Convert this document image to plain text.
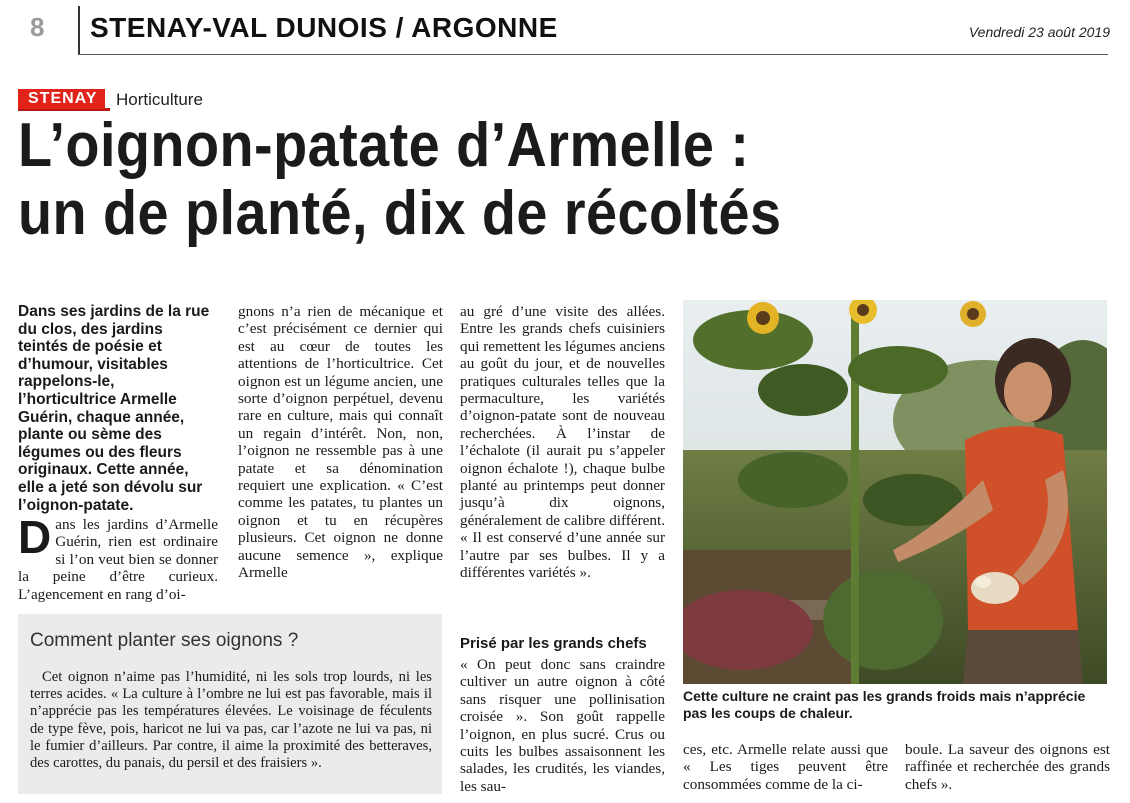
8 STENAY-VAL DUNOIS / ARGONNE	Vendredi 23 août 2019
STENAY	Horticulture
L’oignon-patate d’Armelle :
un de planté, dix de récoltés
Dans ses jardins de la rue du clos, des jardins teintés de poésie et d’humour, visitables rappelons-le, l’horticultrice Armelle Guérin, chaque année, plante ou sème des légumes ou des fleurs originaux. Cette année, elle a jeté son dévolu sur l’oignon-patate.
Dans les jardins d’Armelle Guérin, rien est ordinaire si l’on veut bien se donner la peine d’être curieux. L’agencement en rang d’oi-
gnons n’a rien de mécanique et c’est précisément ce dernier qui est au cœur de toutes les attentions de l’horticultrice. Cet oignon est un légume ancien, une sorte d’oignon perpétuel, devenu rare en culture, mais qui connaît un regain d’intérêt. Non, non, l’oignon ne ressemble pas à une patate et sa dénomination requiert une explication. « C’est comme les patates, tu plantes un oignon et tu en récupères plusieurs. Cet oignon ne donne aucune semence », explique Armelle
au gré d’une visite des allées. Entre les grands chefs cuisiniers qui remettent les légumes anciens au goût du jour, et de nouvelles pratiques culturales telles que la permaculture, les variétés d’oignon-patate sont de nouveau recherchées. À l’instar de l’échalote (il aurait pu s’appeler oignon échalote !), chaque bulbe planté au printemps peut donner jusqu’à dix oignons, généralement de calibre différent. « Il est conservé d’une année sur l’autre par ses bulbes. Il y a différentes variétés ».
Prisé par les grands chefs
« On peut donc sans craindre cultiver un autre oignon à côté sans risquer une pollinisation croisée ». Son goût rappelle l’oignon, en plus sucré. Crus ou cuits les bulbes assaisonnent les salades, les crudités, les viandes, les sau-
ces, etc. Armelle relate aussi que « Les tiges peuvent être consommées comme de la ci-
boule. La saveur des oignons est raffinée et recherchée des grands chefs ».
Comment planter ses oignons ?

Cet oignon n’aime pas l’humidité, ni les sols trop lourds, ni les terres acides. « La culture à l’ombre ne lui est pas favorable, mais il n’apprécie pas les températures élevées. Le voisinage de féculents de type fève, pois, haricot ne lui va pas, car l’azote ne lui va pas, ni le fumier d’ailleurs. Par contre, il aime la proximité des betteraves, des carottes, du panais, du persil et des fraisiers ».

Cette culture ne craint pas les grands froids mais n’apprécie pas les coups de chaleur.
